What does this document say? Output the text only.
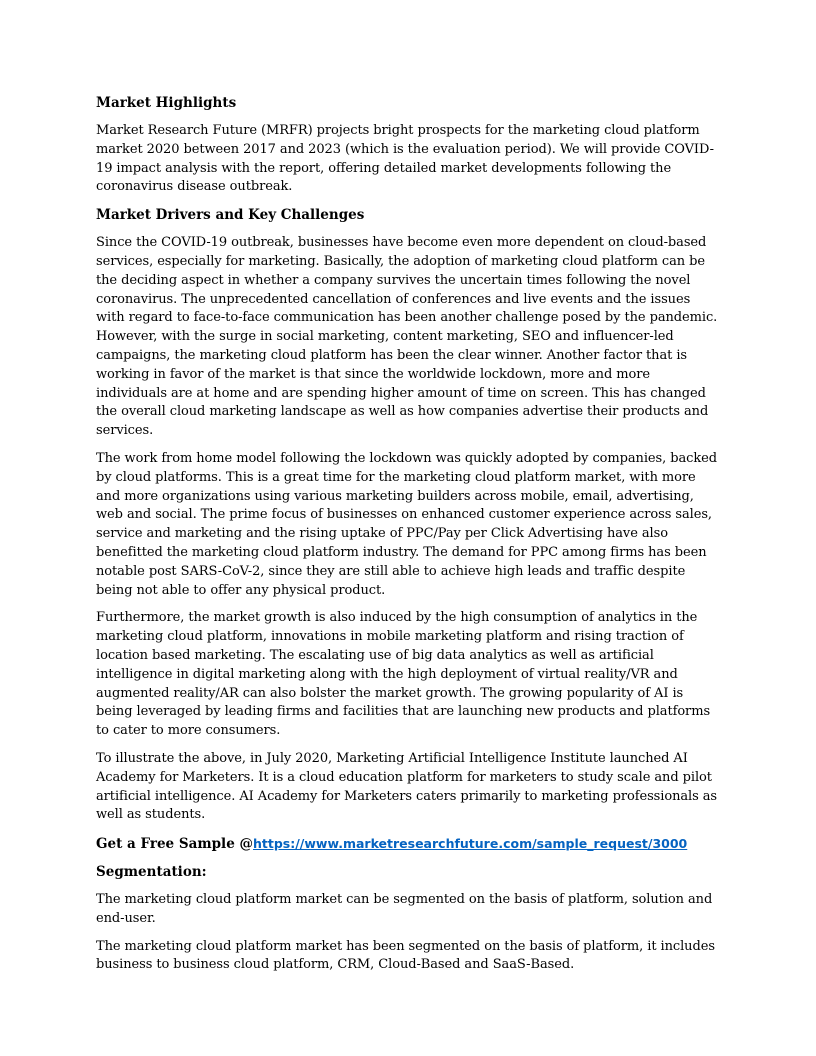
Market Highlights
Market Research Future (MRFR) projects bright prospects for the marketing cloud platform market 2020 between 2017 and 2023 (which is the evaluation period). We will provide COVID-19 impact analysis with the report, offering detailed market developments following the coronavirus disease outbreak.
Market Drivers and Key Challenges
Since the COVID-19 outbreak, businesses have become even more dependent on cloud-based services, especially for marketing. Basically, the adoption of marketing cloud platform can be the deciding aspect in whether a company survives the uncertain times following the novel coronavirus. The unprecedented cancellation of conferences and live events and the issues with regard to face-to-face communication has been another challenge posed by the pandemic. However, with the surge in social marketing, content marketing, SEO and influencer-led campaigns, the marketing cloud platform has been the clear winner. Another factor that is working in favor of the market is that since the worldwide lockdown, more and more individuals are at home and are spending higher amount of time on screen. This has changed the overall cloud marketing landscape as well as how companies advertise their products and services.
The work from home model following the lockdown was quickly adopted by companies, backed by cloud platforms. This is a great time for the marketing cloud platform market, with more and more organizations using various marketing builders across mobile, email, advertising, web and social. The prime focus of businesses on enhanced customer experience across sales, service and marketing and the rising uptake of PPC/Pay per Click Advertising have also benefitted the marketing cloud platform industry. The demand for PPC among firms has been notable post SARS-CoV-2, since they are still able to achieve high leads and traffic despite being not able to offer any physical product.
Furthermore, the market growth is also induced by the high consumption of analytics in the marketing cloud platform, innovations in mobile marketing platform and rising traction of location based marketing. The escalating use of big data analytics as well as artificial intelligence in digital marketing along with the high deployment of virtual reality/VR and augmented reality/AR can also bolster the market growth. The growing popularity of AI is being leveraged by leading firms and facilities that are launching new products and platforms to cater to more consumers.
To illustrate the above, in July 2020, Marketing Artificial Intelligence Institute launched AI Academy for Marketers. It is a cloud education platform for marketers to study scale and pilot artificial intelligence. AI Academy for Marketers caters primarily to marketing professionals as well as students.
Get a Free Sample @https://www.marketresearchfuture.com/sample_request/3000
Segmentation:
The marketing cloud platform market can be segmented on the basis of platform, solution and end-user.
The marketing cloud platform market has been segmented on the basis of platform, it includes business to business cloud platform, CRM, Cloud-Based and SaaS-Based.
